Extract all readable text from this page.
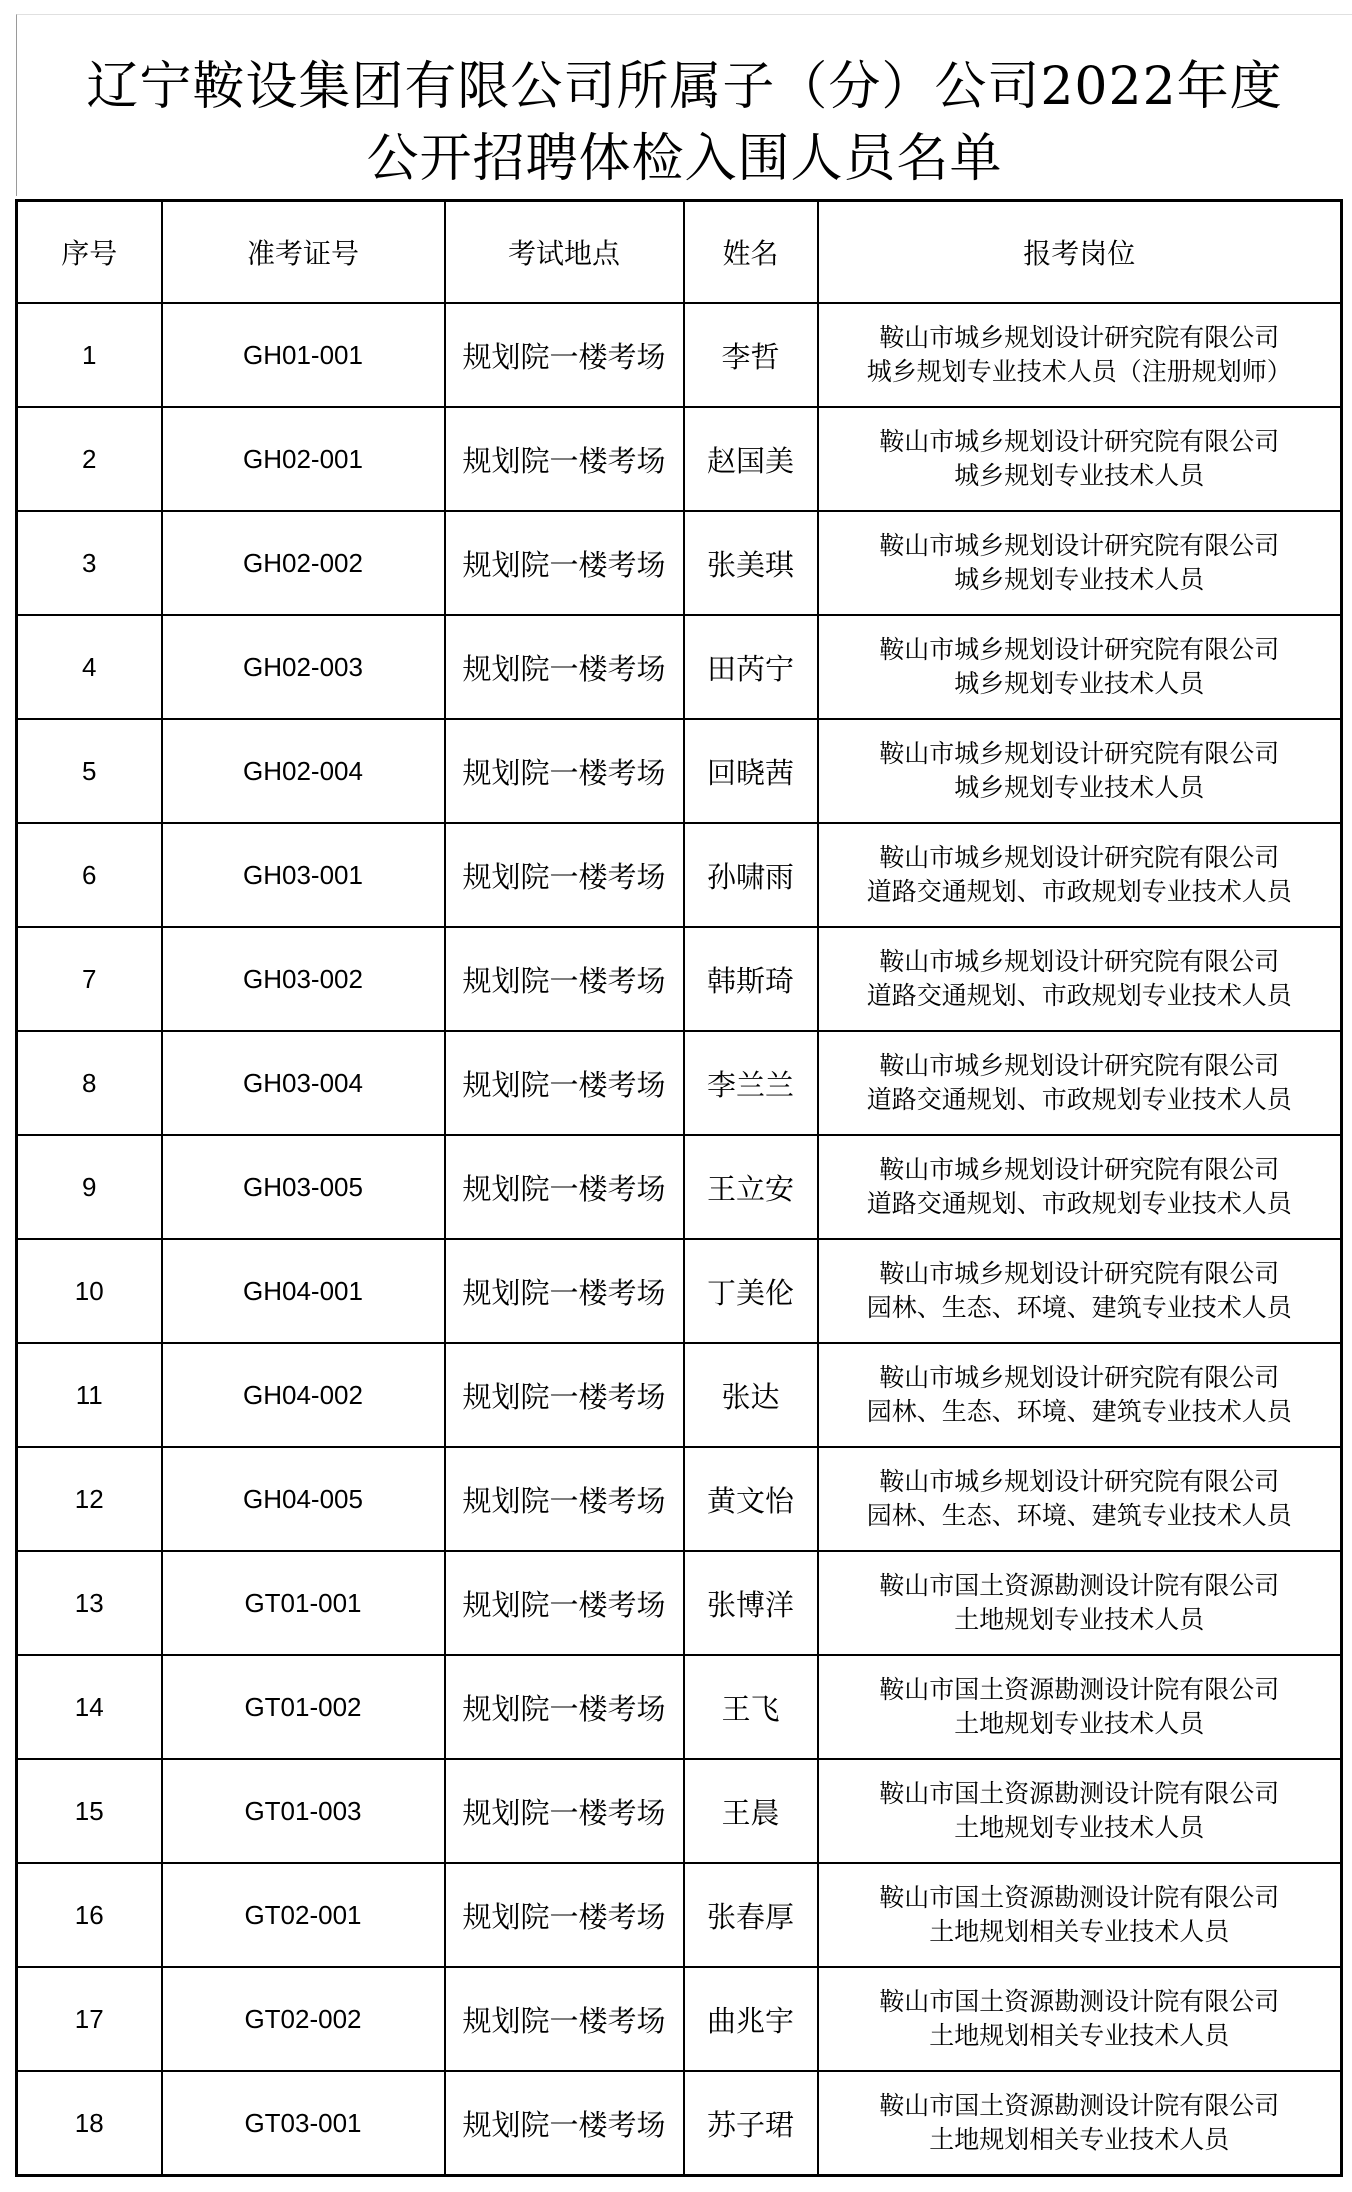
辽宁鞍设集团有限公司所属子（分）公司2022年度
公开招聘体检入围人员名单
序号	准考证号	考试地点	姓名	报考岗位
1	GH01-001	规划院一楼考场	李哲	鞍山市城乡规划设计研究院有限公司
城乡规划专业技术人员（注册规划师）

2	GH02-001	规划院一楼考场	赵国美	鞍山市城乡规划设计研究院有限公司
城乡规划专业技术人员

3	GH02-002	规划院一楼考场	张美琪	鞍山市城乡规划设计研究院有限公司
城乡规划专业技术人员

4	GH02-003	规划院一楼考场	田芮宁	鞍山市城乡规划设计研究院有限公司
城乡规划专业技术人员

5	GH02-004	规划院一楼考场	回晓茜	鞍山市城乡规划设计研究院有限公司
城乡规划专业技术人员

6	GH03-001	规划院一楼考场	孙啸雨	鞍山市城乡规划设计研究院有限公司
道路交通规划、市政规划专业技术人员

7	GH03-002	规划院一楼考场	韩斯琦	鞍山市城乡规划设计研究院有限公司
道路交通规划、市政规划专业技术人员

8	GH03-004	规划院一楼考场	李兰兰	鞍山市城乡规划设计研究院有限公司
道路交通规划、市政规划专业技术人员

9	GH03-005	规划院一楼考场	王立安	鞍山市城乡规划设计研究院有限公司
道路交通规划、市政规划专业技术人员

10	GH04-001	规划院一楼考场	丁美伦	鞍山市城乡规划设计研究院有限公司
园林、生态、环境、建筑专业技术人员

11	GH04-002	规划院一楼考场	张达	鞍山市城乡规划设计研究院有限公司
园林、生态、环境、建筑专业技术人员

12	GH04-005	规划院一楼考场	黄文怡	鞍山市城乡规划设计研究院有限公司
园林、生态、环境、建筑专业技术人员

13	GT01-001	规划院一楼考场	张博洋	鞍山市国土资源勘测设计院有限公司
土地规划专业技术人员

14	GT01-002	规划院一楼考场	王飞	鞍山市国土资源勘测设计院有限公司
土地规划专业技术人员

15	GT01-003	规划院一楼考场	王晨	鞍山市国土资源勘测设计院有限公司
土地规划专业技术人员

16	GT02-001	规划院一楼考场	张春厚	鞍山市国土资源勘测设计院有限公司
土地规划相关专业技术人员

17	GT02-002	规划院一楼考场	曲兆宇	鞍山市国土资源勘测设计院有限公司
土地规划相关专业技术人员

18	GT03-001	规划院一楼考场	苏子珺	鞍山市国土资源勘测设计院有限公司
土地规划相关专业技术人员
